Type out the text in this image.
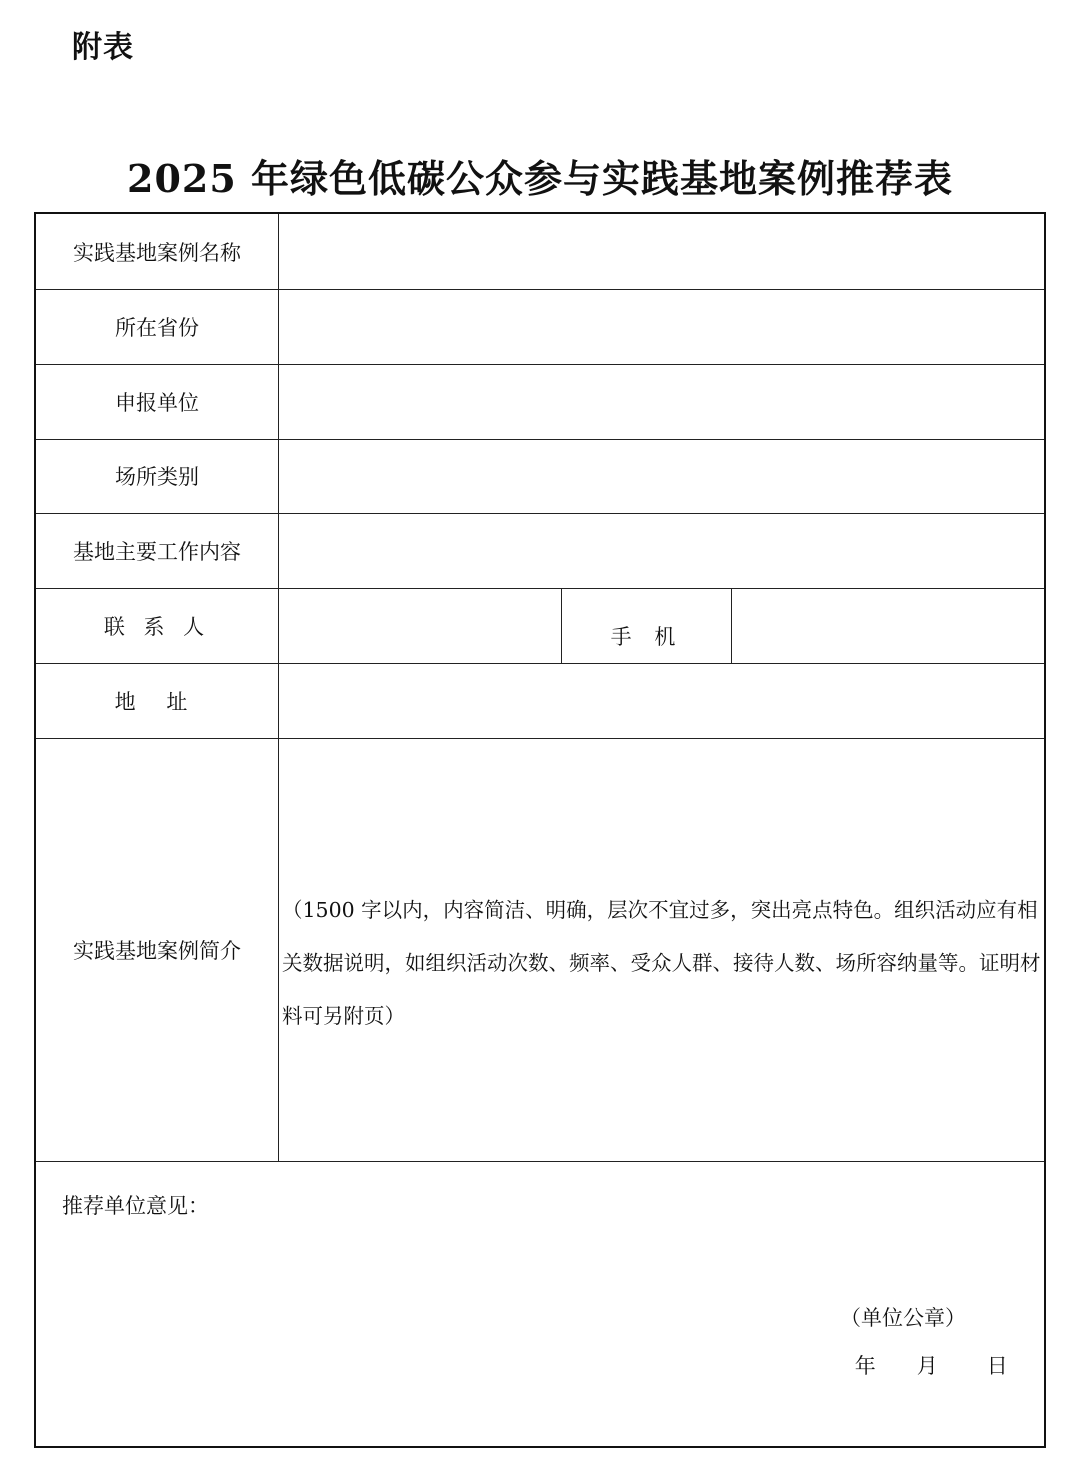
附表
2025 年绿色低碳公众参与实践基地案例推荐表
实践基地案例名称
所在省份
申报单位
场所类别
基地主要工作内容
联 系 人	手 机
地 址
实践基地案例简介
（1500 字以内，内容简洁、明确，层次不宜过多，突出亮点特色。组织活动应有相关数据说明，如组织活动次数、频率、受众人群、接待人数、场所容纳量等。证明材料可另附页）
推荐单位意见：
（单位公章）

年 月 日
